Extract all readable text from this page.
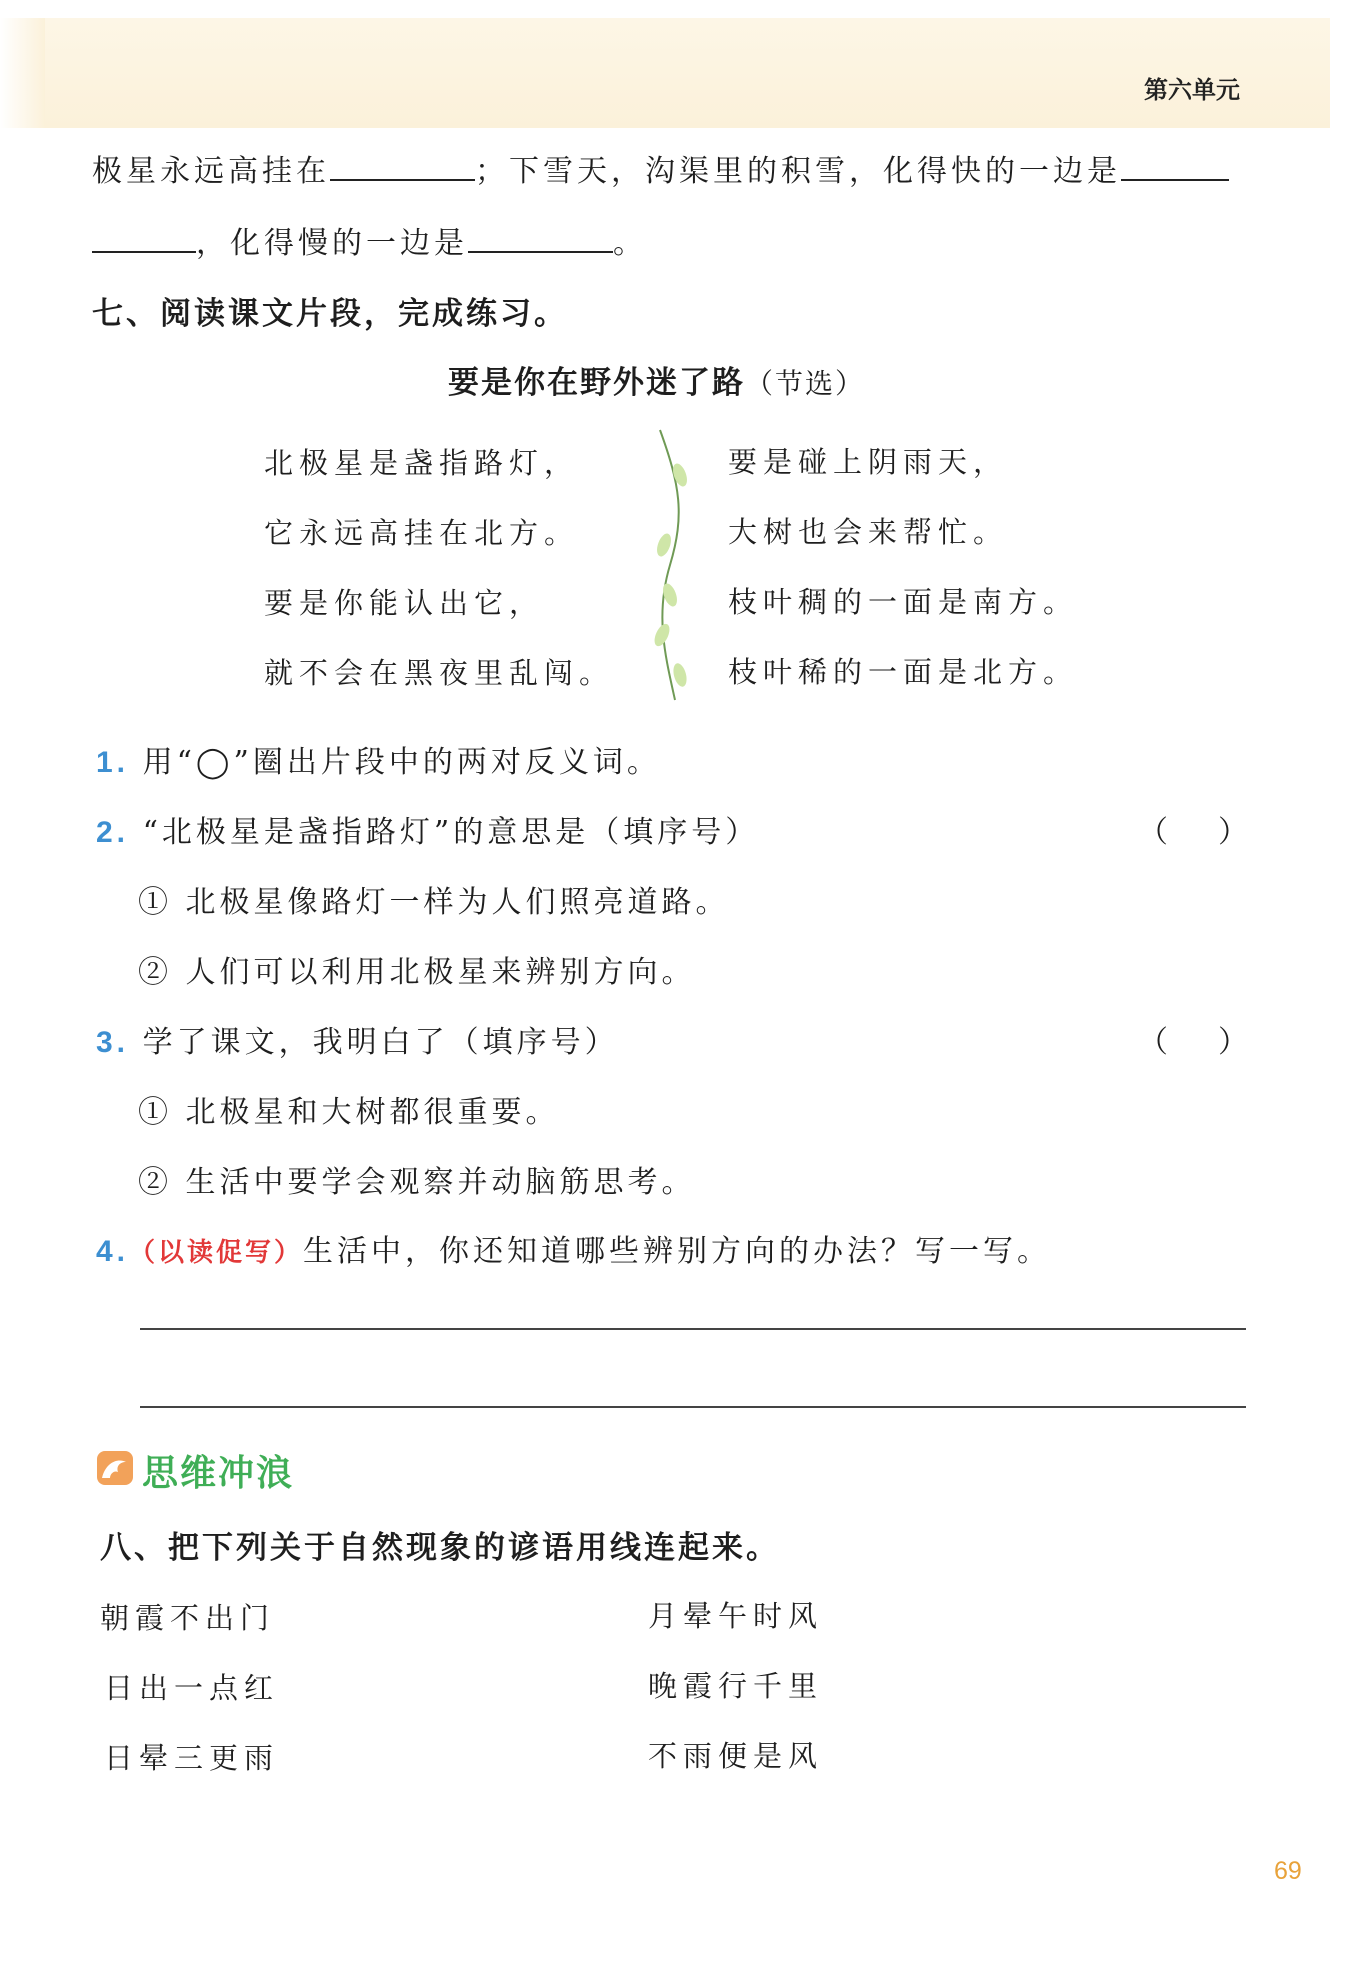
第六单元
极星永远高挂在	；下雪天，沟渠里的积雪，化得快的一边是
，化得慢的一边是	。
七、阅读课文片段，完成练习。
要是你在野外迷了路（节选）
北极星是盏指路灯，
它永远高挂在北方。
要是你能认出它，
就不会在黑夜里乱闯。
要是碰上阴雨天，
大树也会来帮忙。
枝叶稠的一面是南方。
枝叶稀的一面是北方。
1. 用“◯”圈出片段中的两对反义词。
2. “北极星是盏指路灯”的意思是（填序号）	（）
① 北极星像路灯一样为人们照亮道路。
② 人们可以利用北极星来辨别方向。
3. 学了课文，我明白了（填序号）	（）
① 北极星和大树都很重要。
② 生活中要学会观察并动脑筋思考。
4.（以读促写）生活中，你还知道哪些辨别方向的办法？写一写。
思维冲浪
八、把下列关于自然现象的谚语用线连起来。
朝霞不出门
日出一点红
日晕三更雨
月晕午时风
晚霞行千里
不雨便是风
69
